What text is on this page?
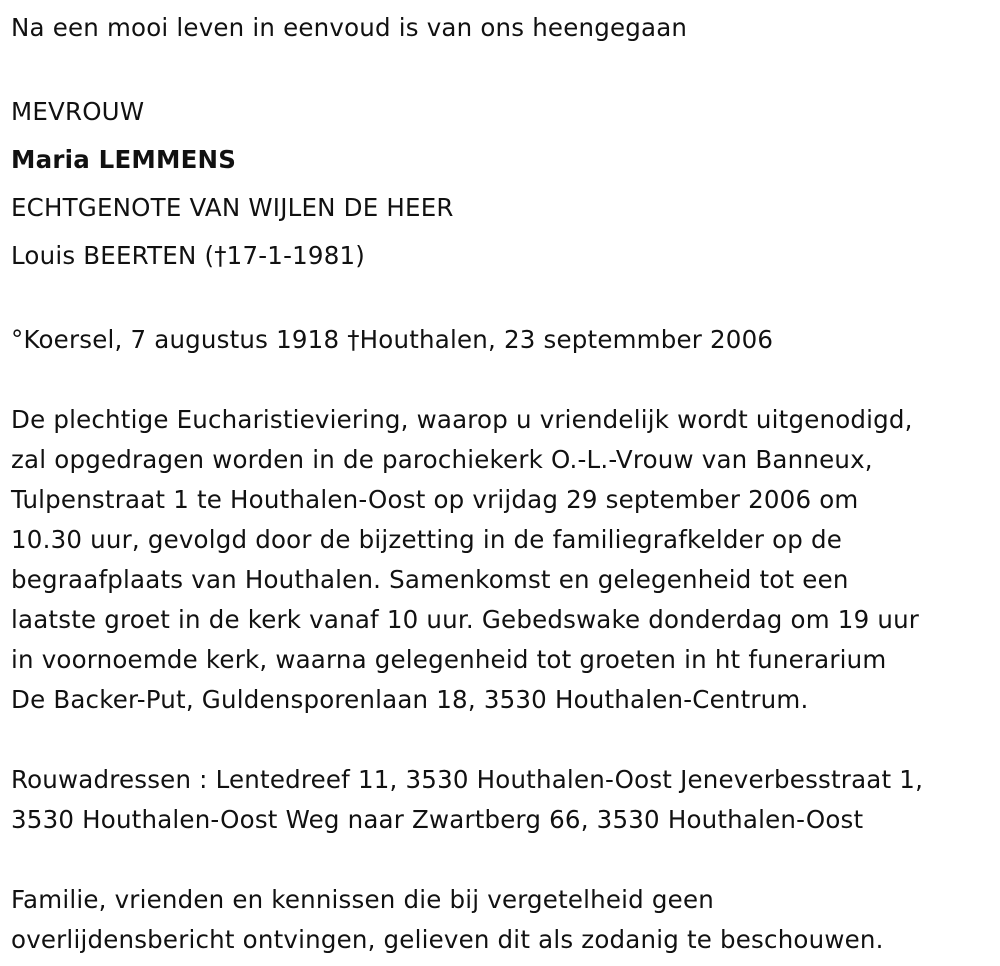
Na een mooi leven in eenvoud is van ons heengegaan
MEVROUW
Maria LEMMENS
ECHTGENOTE VAN WIJLEN DE HEER
Louis BEERTEN (†17-1-1981)
°Koersel, 7 augustus 1918 †Houthalen, 23 septemmber 2006
De plechtige Eucharistieviering, waarop u vriendelijk wordt uitgenodigd,
zal opgedragen worden in de parochiekerk O.-L.-Vrouw van Banneux,
Tulpenstraat 1 te Houthalen-Oost op vrijdag 29 september 2006 om
10.30 uur, gevolgd door de bijzetting in de familiegrafkelder op de
begraafplaats van Houthalen. Samenkomst en gelegenheid tot een
laatste groet in de kerk vanaf 10 uur. Gebedswake donderdag om 19 uur
in voornoemde kerk, waarna gelegenheid tot groeten in ht funerarium
De Backer-Put, Guldensporenlaan 18, 3530 Houthalen-Centrum.
Rouwadressen : Lentedreef 11, 3530 Houthalen-Oost Jeneverbesstraat 1,
3530 Houthalen-Oost Weg naar Zwartberg 66, 3530 Houthalen-Oost
Familie, vrienden en kennissen die bij vergetelheid geen
overlijdensbericht ontvingen, gelieven dit als zodanig te beschouwen.
